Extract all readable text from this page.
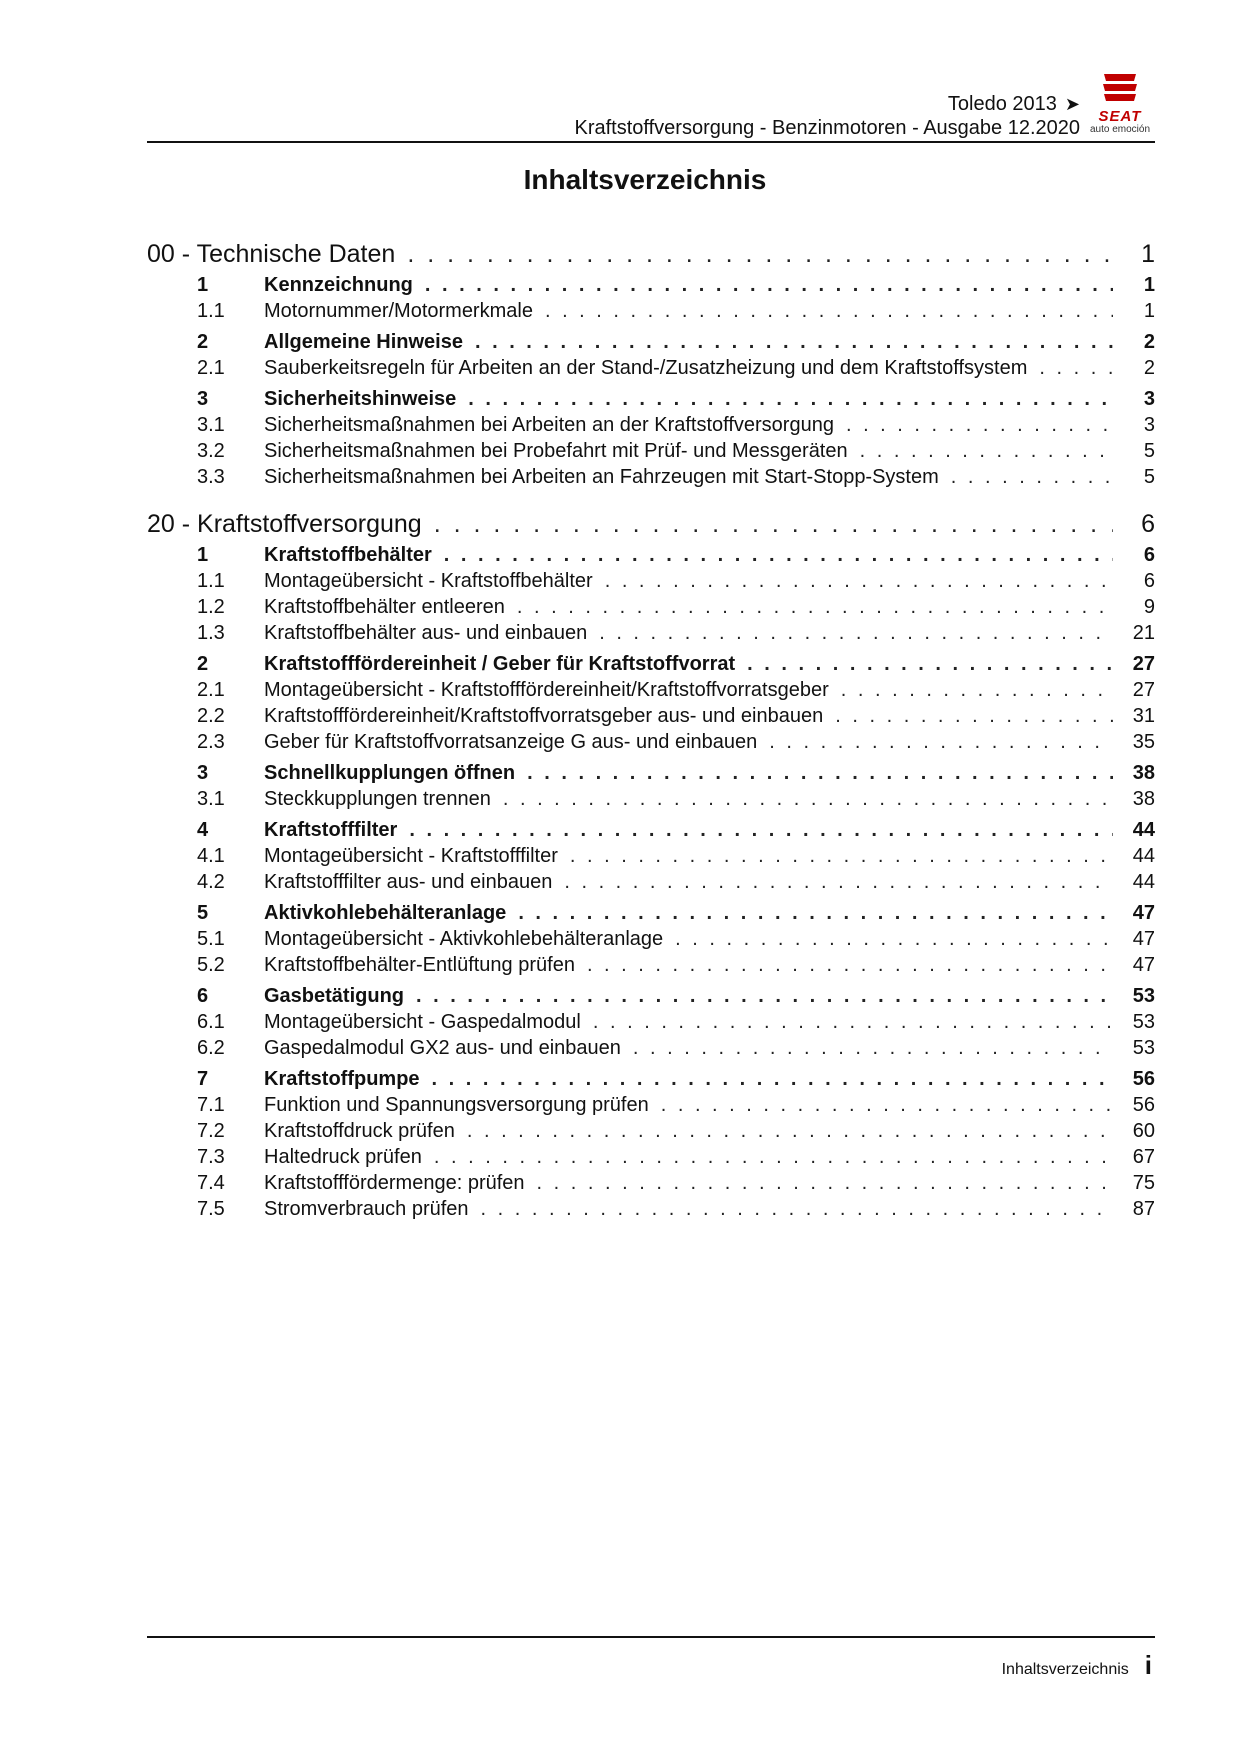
Toledo 2013 ➤
Kraftstoffversorgung - Benzinmotoren - Ausgabe 12.2020
SEAT
auto emoción
Inhaltsverzeichnis
00 - Technische Daten . . .	1
1	Kennzeichnung . . .	1
1.1	Motornummer/Motormerkmale . . .	1
2	Allgemeine Hinweise . . .	2
2.1	Sauberkeitsregeln für Arbeiten an der Stand-/Zusatzheizung und dem Kraftstoffsystem . . .	2
3	Sicherheitshinweise . . .	3
3.1	Sicherheitsmaßnahmen bei Arbeiten an der Kraftstoffversorgung . . .	3
3.2	Sicherheitsmaßnahmen bei Probefahrt mit Prüf- und Messgeräten . . .	5
3.3	Sicherheitsmaßnahmen bei Arbeiten an Fahrzeugen mit Start-Stopp-System . . .	5
20 - Kraftstoffversorgung . . .	6
1	Kraftstoffbehälter . . .	6
1.1	Montageübersicht - Kraftstoffbehälter . . .	6
1.2	Kraftstoffbehälter entleeren . . .	9
1.3	Kraftstoffbehälter aus- und einbauen . . .	21
2	Kraftstofffördereinheit / Geber für Kraftstoffvorrat . . .	27
2.1	Montageübersicht - Kraftstofffördereinheit/Kraftstoffvorratsgeber . . .	27
2.2	Kraftstofffördereinheit/Kraftstoffvorratsgeber aus- und einbauen . . .	31
2.3	Geber für Kraftstoffvorratsanzeige G aus- und einbauen . . .	35
3	Schnellkupplungen öffnen . . .	38
3.1	Steckkupplungen trennen . . .	38
4	Kraftstofffilter . . .	44
4.1	Montageübersicht - Kraftstofffilter . . .	44
4.2	Kraftstofffilter aus- und einbauen . . .	44
5	Aktivkohlebehälteranlage . . .	47
5.1	Montageübersicht - Aktivkohlebehälteranlage . . .	47
5.2	Kraftstoffbehälter-Entlüftung prüfen . . .	47
6	Gasbetätigung . . .	53
6.1	Montageübersicht - Gaspedalmodul . . .	53
6.2	Gaspedalmodul GX2 aus- und einbauen . . .	53
7	Kraftstoffpumpe . . .	56
7.1	Funktion und Spannungsversorgung prüfen . . .	56
7.2	Kraftstoffdruck prüfen . . .	60
7.3	Haltedruck prüfen . . .	67
7.4	Kraftstofffördermenge: prüfen . . .	75
7.5	Stromverbrauch prüfen . . .	87
Inhaltsverzeichnis i
